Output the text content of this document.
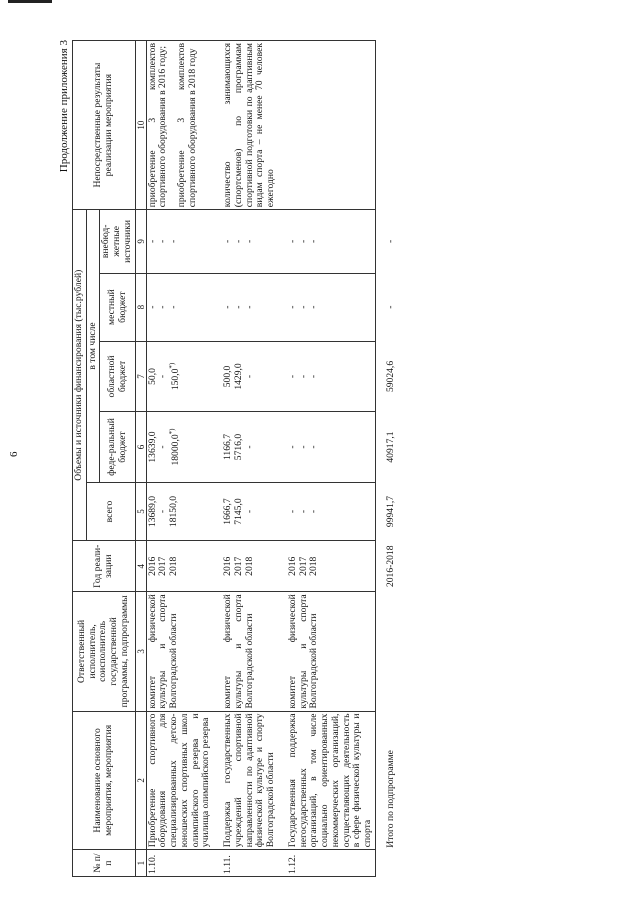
6
Продолжение приложения 3
№ п/п	Наименование основного мероприятия, мероприятия	Ответственный исполнитель, соисполнитель государственной программы, подпрограммы	Год реали-зации	Объемы и источники финансирования (тыс.рублей)					Непосредственные результаты реализации мероприятия
				всего	в том числе				
					феде-ральный бюджет	областной бюджет	местный бюджет	внебюд-жетные источники	
1	2	3	4	5	6	7	8	9	10
1.10.	Приобретение спортивного оборудования для специализированных детско-юношеских спортивных школ олимпийского резерва и училища олимпийского резерва	комитет физической культуры и спорта Волгоградской области	2016 2017 2018	13689,0 - 18150,0	13639,0 - 18000,0*)	50,0 - 150,0*)	- - -	- - -	приобретение 3 комплектов спортивного оборудования в 2016 году; приобретение 3 комплектов спортивного оборудования в 2018 году

1.11.	Поддержка государственных учреждений спортивной направленности по адаптивной физической культуре и спорту Волгоградской области	комитет физической культуры и спорта Волгоградской области	2016 2017 2018	1666,7 7145,0 -	1166,7 5716,0 -	500,0 1429,0 -	- - -	- - -	количество занимающихся (спортсменов) по программам спортивной подготовки по адаптивным видам спорта – не менее 70 человек ежегодно
1.12.	Государственная поддержка негосударственных организаций, в том числе социально ориентированных некоммерческих организаций, осуществляющих деятельность в сфере физической культуры и спорта	комитет физической культуры и спорта Волгоградской области	2016 2017 2018	- - -	- - -	- - -	- - -	- - -	

	Итого по подпрограмме		2016-2018	99941,7	40917,1	59024,6	-	-	
